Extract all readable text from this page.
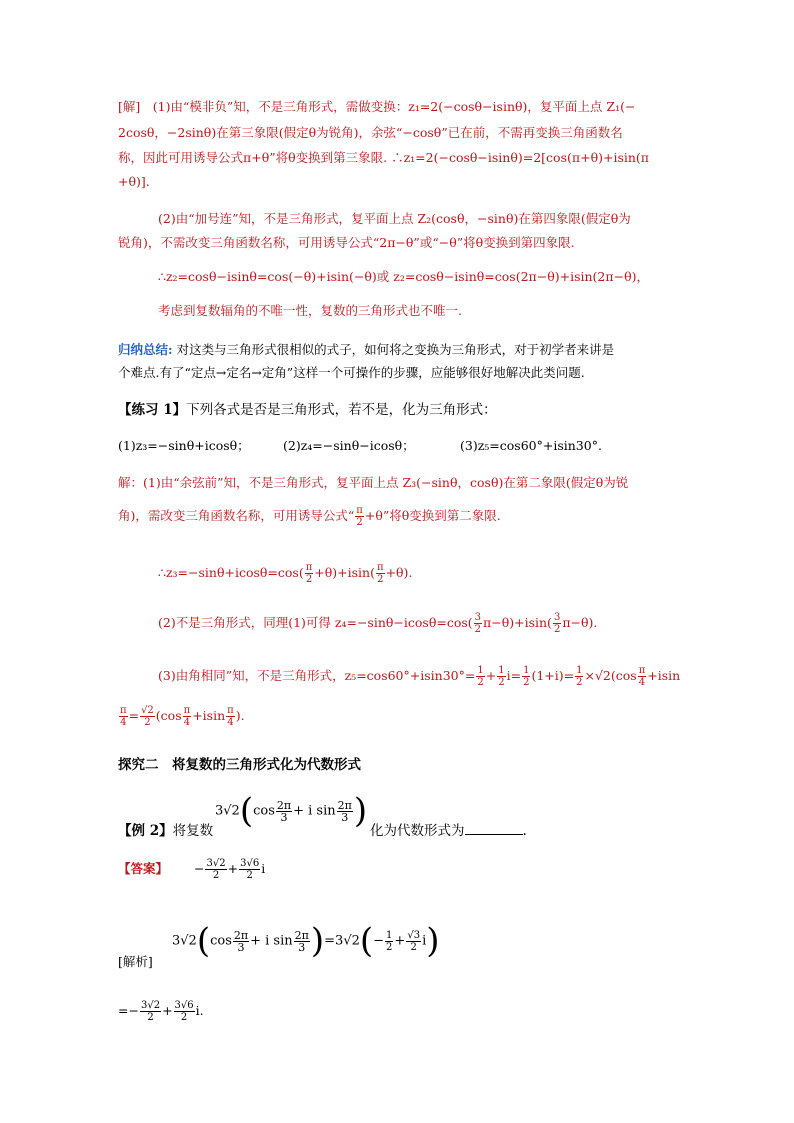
[解]　(1)由“模非负”知，不是三角形式，需做变换：z₁=2(−cosθ−isinθ)，复平面上点 Z₁(−
2cosθ，−2sinθ)在第三象限(假定θ为锐角)，余弦“−cosθ”已在前，不需再变换三角函数名
称，因此可用诱导公式π+θ”将θ变换到第三象限. ∴z₁=2(−cosθ−isinθ)=2[cos(π+θ)+isin(π
+θ)].
(2)由“加号连”知，不是三角形式，复平面上点 Z₂(cosθ，−sinθ)在第四象限(假定θ为
锐角)，不需改变三角函数名称，可用诱导公式“2π−θ”或“−θ”将θ变换到第四象限.
∴z₂=cosθ−isinθ=cos(−θ)+isin(−θ)或 z₂=cosθ−isinθ=cos(2π−θ)+isin(2π−θ)，
考虑到复数辐角的不唯一性，复数的三角形式也不唯一.
归纳总结: 对这类与三角形式很相似的式子，如何将之变换为三角形式，对于初学者来讲是
个难点.有了“定点→定名→定角”这样一个可操作的步骤，应能够很好地解决此类问题.
【练习 1】下列各式是否是三角形式，若不是，化为三角形式：
(1)z₃=−sinθ+icosθ；	(2)z₄=−sinθ−icosθ；	(3)z₅=cos60°+isin30°.
解：(1)由“余弦前”知，不是三角形式，复平面上点 Z₃(−sinθ，cosθ)在第二象限(假定θ为锐
角)，需改变三角函数名称，可用诱导公式“ $\frac{\pi}{2} +\theta$”将θ变换到第二象限.
∴z₃=−sinθ+icosθ=cos( $\frac{\pi}{2} +\theta)+isin( \frac{\pi}{2} +\theta)$.
(2)不是三角形式，同理(1)可得 $z_4=-\sin\theta-icos\theta=\cos( \frac{3}{2} \pi-\theta)+isin( \frac{3}{2} \pi-\theta)$.
(3)由角相同”知，不是三角形式，$z_5=\cos 60^\circ+isin30^\circ= \frac{1}{2} + \frac{1}{2} i= \frac{1}{2} (1+i)= \frac{1}{2} \times√2(\cos \frac{\pi}{4} +isin$
$\frac{\pi}{4} = \frac{√2}{2} (\cos \frac{\pi}{4} +isin \frac{\pi}{4}$ ).
探究二　将复数的三角形式化为代数形式
$3√2(\cos \frac{2\pi}{3} + i$ $\sin \frac{2\pi}{3}$ )
【例 2】将复数	化为代数形式为	.
【答案】 − $\frac{3√2}{2} + \frac{3√6}{2}$ i
$3√2(\cos \frac{2\pi}{3} + i$ $\sin \frac{2\pi}{3} )=3√2(- \frac{1}{2} + \frac{√3}{2} i)$
[解析]
=− $\frac{3√2}{2} + \frac{3√6}{2} i$.
